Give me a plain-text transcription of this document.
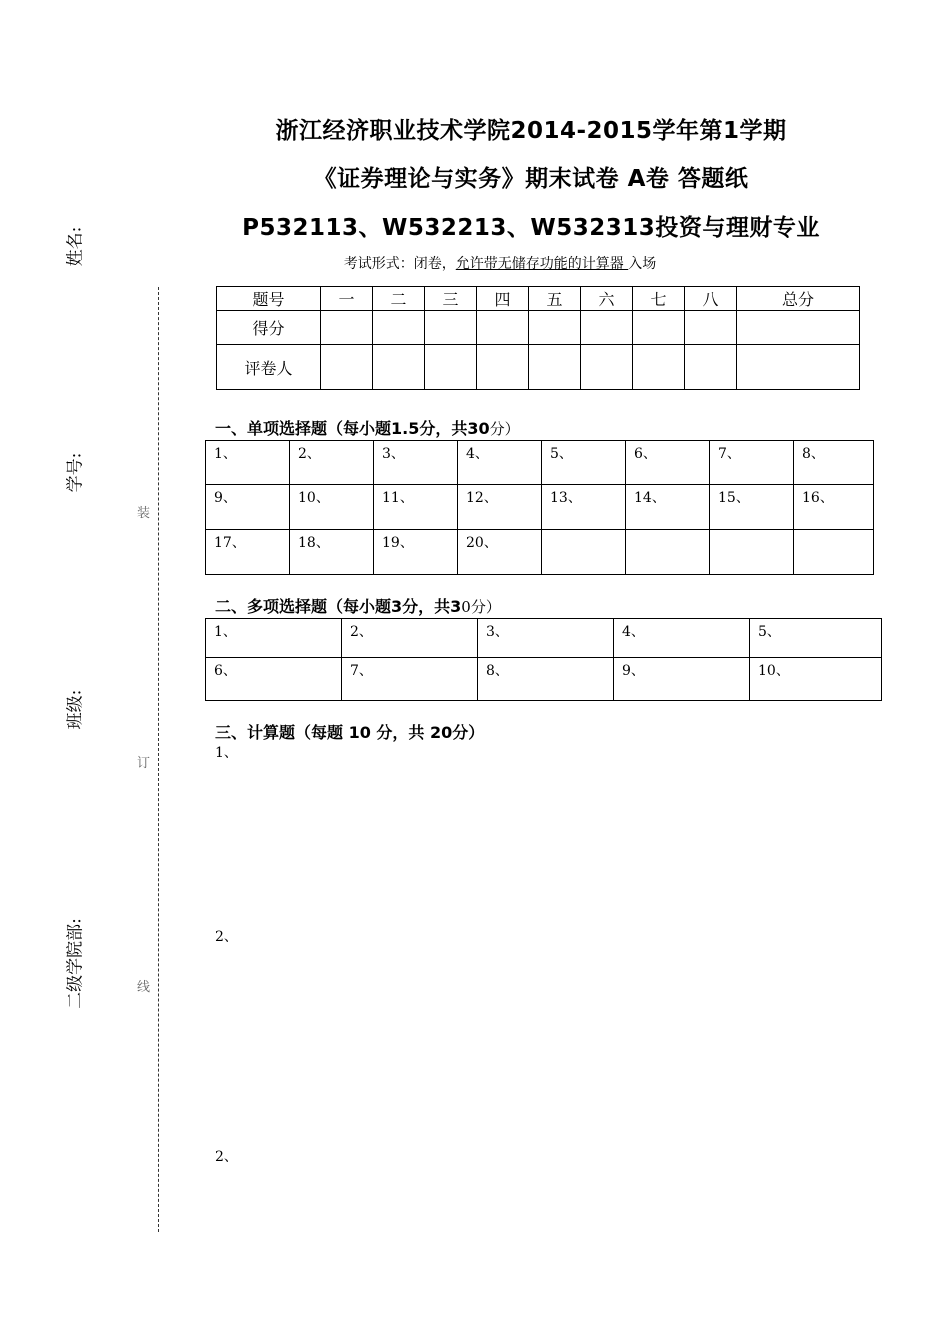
浙江经济职业技术学院2014-2015学年第1学期
《证券理论与实务》期末试卷 A卷 答题纸
P532113、W532213、W532313投资与理财专业
考试形式：闭卷，允许带无储存功能的计算器 入场
姓名:
学号:
班级:
二级学院部:
装
订
线
题号	一	二	三	四	五	六	七	八	总分
得分									
评卷人									
一、单项选择题（每小题1.5分，共30分）
1、	2、	3、	4、	5、	6、	7、	8、
9、	10、	11、	12、	13、	14、	15、	16、
17、	18、	19、	20、				
二、多项选择题（每小题3分，共30分）
1、	2、	3、	4、	5、
6、	7、	8、	9、	10、
三、计算题（每题 10 分，共 20分）
1、
2、
2、
